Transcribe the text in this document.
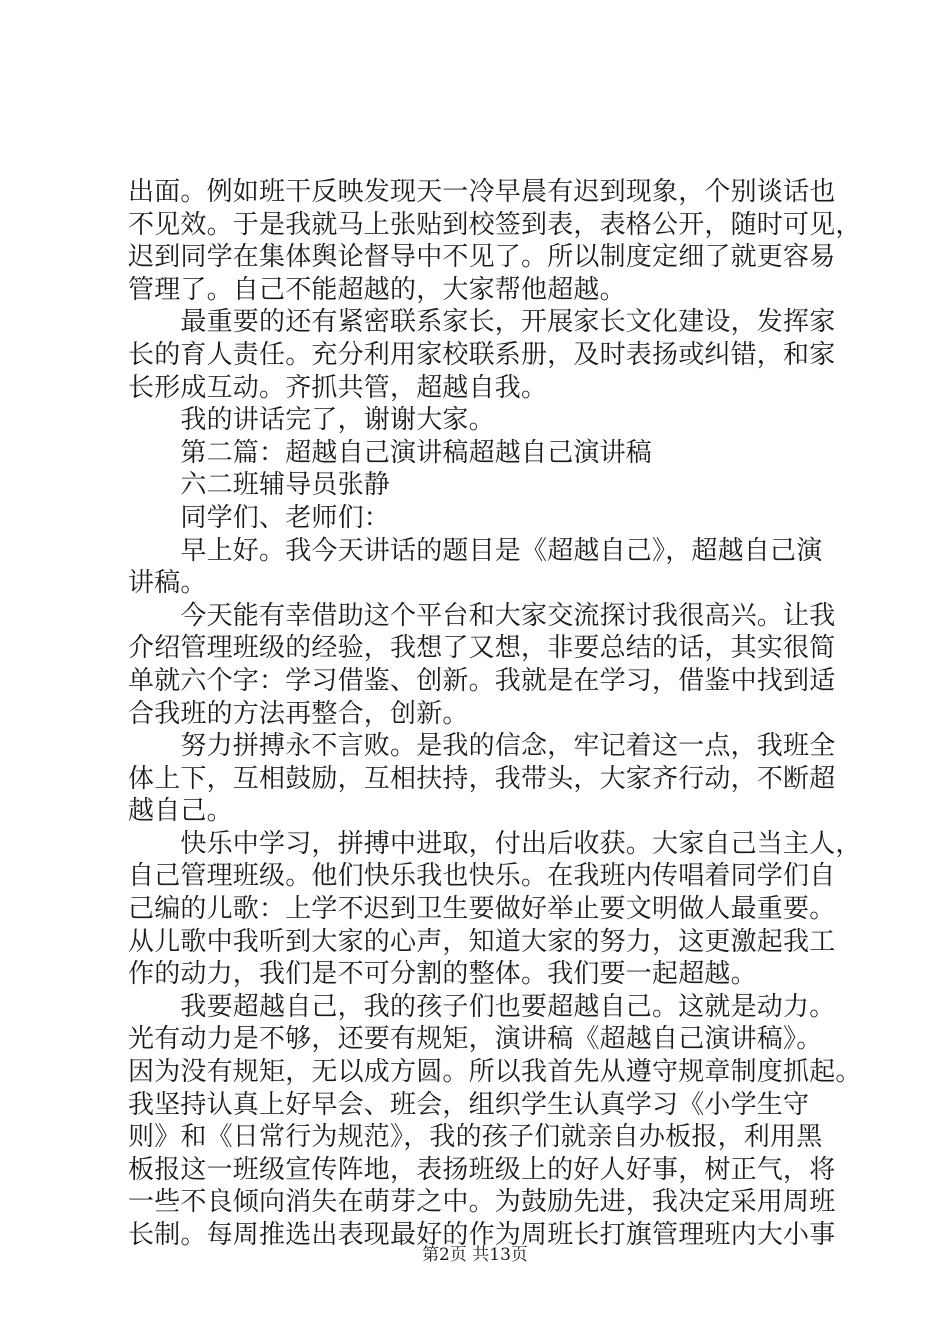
出面。例如班干反映发现天一冷早晨有迟到现象，个别谈话也
不见效。于是我就马上张贴到校签到表，表格公开，随时可见，
迟到同学在集体舆论督导中不见了。所以制度定细了就更容易
管理了。自己不能超越的，大家帮他超越。
　　最重要的还有紧密联系家长，开展家长文化建设，发挥家
长的育人责任。充分利用家校联系册，及时表扬或纠错，和家
长形成互动。齐抓共管，超越自我。
　　我的讲话完了，谢谢大家。
　　第二篇：超越自己演讲稿超越自己演讲稿
　　六二班辅导员张静
　　同学们、老师们：
　　早上好。我今天讲话的题目是《超越自己》，超越自己演
讲稿。
　　今天能有幸借助这个平台和大家交流探讨我很高兴。让我
介绍管理班级的经验，我想了又想，非要总结的话，其实很简
单就六个字：学习借鉴、创新。我就是在学习，借鉴中找到适
合我班的方法再整合，创新。
　　努力拼搏永不言败。是我的信念，牢记着这一点，我班全
体上下，互相鼓励，互相扶持，我带头，大家齐行动，不断超
越自己。
　　快乐中学习，拼搏中进取，付出后收获。大家自己当主人，
自己管理班级。他们快乐我也快乐。在我班内传唱着同学们自
己编的儿歌：上学不迟到卫生要做好举止要文明做人最重要。
从儿歌中我听到大家的心声，知道大家的努力，这更激起我工
作的动力，我们是不可分割的整体。我们要一起超越。
　　我要超越自己，我的孩子们也要超越自己。这就是动力。
光有动力是不够，还要有规矩，演讲稿《超越自己演讲稿》。
因为没有规矩，无以成方圆。所以我首先从遵守规章制度抓起。
我坚持认真上好早会、班会，组织学生认真学习《小学生守
则》和《日常行为规范》，我的孩子们就亲自办板报，利用黑
板报这一班级宣传阵地，表扬班级上的好人好事，树正气，将
一些不良倾向消失在萌芽之中。为鼓励先进，我决定采用周班
长制。每周推选出表现最好的作为周班长打旗管理班内大小事
第2页 共13页
